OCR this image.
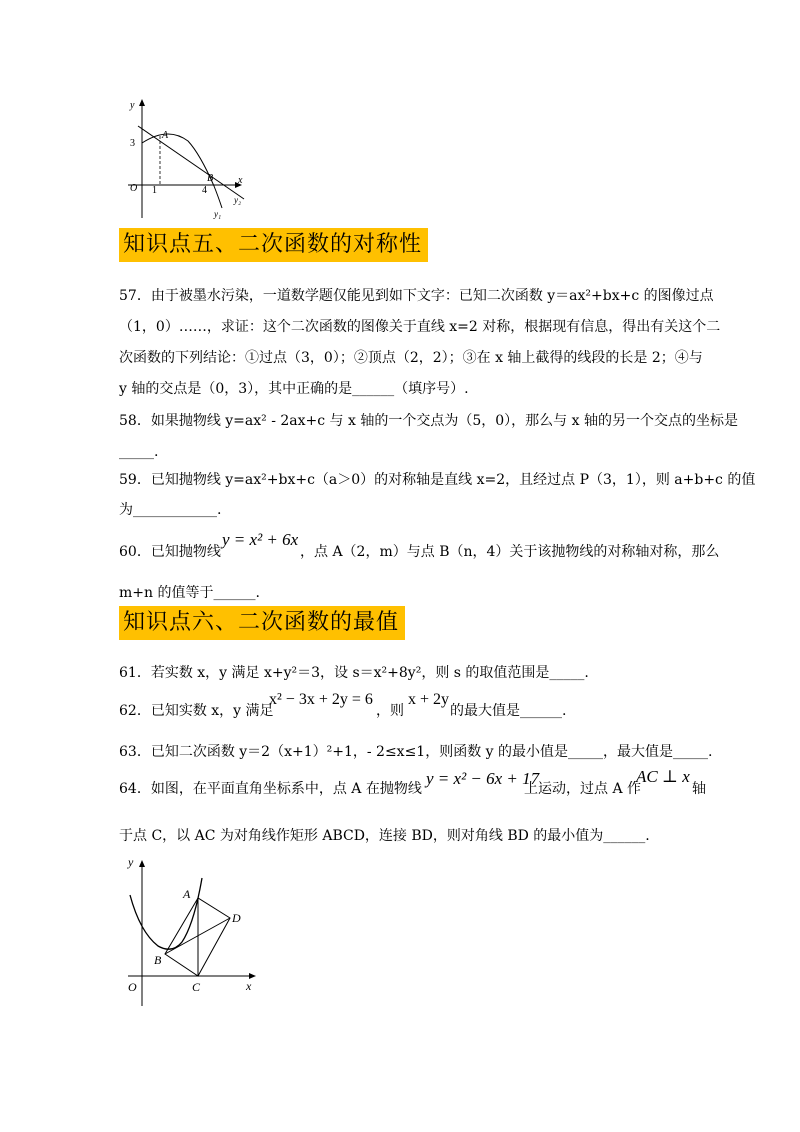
y
x
O
3
1	4
A
B
y₁
y₂
知识点五、二次函数的对称性
57．由于被墨水污染，一道数学题仅能见到如下文字：已知二次函数 y＝ax²+bx+c 的图像过点
（1，0）……，求证：这个二次函数的图像关于直线 x=2 对称，根据现有信息，得出有关这个二
次函数的下列结论：①过点（3，0）；②顶点（2，2）；③在 x 轴上截得的线段的长是 2；④与
y 轴的交点是（0，3），其中正确的是______（填序号）.
58．如果抛物线 y=ax² - 2ax+c 与 x 轴的一个交点为（5，0），那么与 x 轴的另一个交点的坐标是
_____.
59．已知抛物线 y=ax²+bx+c（a＞0）的对称轴是直线 x=2，且经过点 P（3，1），则 a+b+c 的值
为____________.
60．已知抛物线
y = x² + 6x
，点 A（2，m）与点 B（n，4）关于该抛物线的对称轴对称，那么
m+n 的值等于______.
知识点六、二次函数的最值
61．若实数 x，y 满足 x+y²＝3，设 s＝x²+8y²，则 s 的取值范围是_____.
62．已知实数 x，y 满足
x² − 3x + 2y = 6
，则
x + 2y
的最大值是______.
63．已知二次函数 y＝2（x+1）²+1，- 2≤x≤1，则函数 y 的最小值是_____，最大值是_____.
64．如图，在平面直角坐标系中，点 A 在抛物线
y = x² − 6x + 17
上运动，过点 A 作
AC ⊥ x
轴
于点 C，以 AC 为对角线作矩形 ABCD，连接 BD，则对角线 BD 的最小值为______.
y
x
O
A
B
C
D
